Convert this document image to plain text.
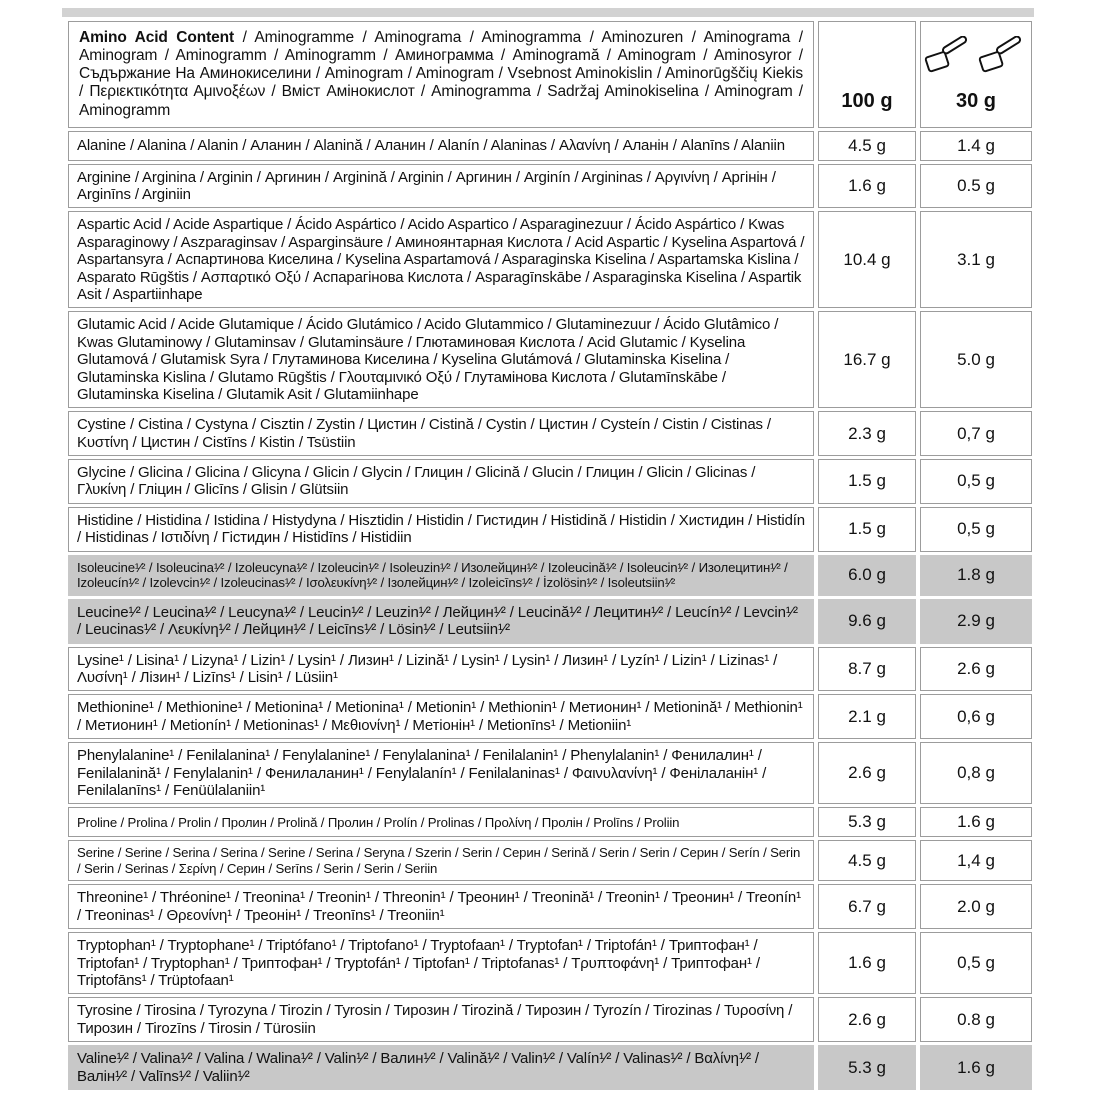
Amino Acid Content / Aminogramme / Aminograma / Aminogramma / Aminozuren / Aminograma / Aminogram / Aminogramm / Aminogramm / Аминограмма / Aminogramă / Aminogram / Aminosyror / Съдържание На Аминокиселини / Aminogram / Aminogram / Vsebnost Aminokislin / Aminorūgščių Kiekis / Περιεκτικότητα Αμινοξέων / Вміст Амінокислот / Aminogramma / Sadržaj Aminokiselina / Aminogram / Aminogramm	100 g	30 g
Alanine / Alanina / Alanin / Аланин / Alanină / Аланин / Alanín / Alaninas / Αλανίνη / Аланін / Alanīns / Alaniin	4.5 g	1.4 g
Arginine / Arginina / Arginin / Аргинин / Arginină / Arginin / Аргинин / Arginín / Argininas / Αργινίνη / Аргінін / Arginīns / Arginiin	1.6 g	0.5 g
Aspartic Acid / Acide Aspartique / Ácido Aspártico / Acido Aspartico / Asparaginezuur / Ácido Aspártico / Kwas Asparaginowy / Aszparaginsav / Asparginsäure / Аминоянтарная Кислота / Acid Aspartic / Kyselina Aspartová / Aspartansyra / Аспартинова Киселина / Kyselina Aspartamová / Asparaginska Kiselina / Aspartamska Kislina / Asparato Rūgštis / Ασπαρτικό Οξύ / Аспарагінова Кислота / Asparagīnskābe / Asparaginska Kiselina / Aspartik Asit / Aspartiinhape	10.4 g	3.1 g
Glutamic Acid / Acide Glutamique / Ácido Glutámico / Acido Glutammico / Glutaminezuur / Ácido Glutâmico / Kwas Glutaminowy / Glutaminsav / Glutaminsäure / Глютаминовая Кислота / Acid Glutamic / Kyselina Glutamová / Glutamisk Syra / Глутаминова Киселина / Kyselina Glutámová / Glutaminska Kiselina / Glutaminska Kislina / Glutamo Rūgštis / Γλουταμινικό Οξύ / Глутамінова Кислота / Glutamīnskābe / Glutaminska Kiselina / Glutamik Asit / Glutamiinhape	16.7 g	5.0 g
Cystine / Cistina / Cystyna / Cisztin / Zystin / Цистин / Cistină / Cystin / Цистин / Cysteín / Cistin / Cistinas / Κυστίνη / Цистин / Cistīns / Kistin / Tsüstiin	2.3 g	0,7 g
Glycine / Glicina / Glicina / Glicyna / Glicin / Glycin / Глицин / Glicină / Glucin / Глицин / Glicin / Glicinas / Γλυκίνη / Гліцин / Glicīns / Glisin / Glütsiin	1.5 g	0,5 g
Histidine / Histidina / Istidina / Histydyna / Hisztidin / Histidin / Гистидин / Histidină / Histidin / Хистидин / Histidín / Histidinas / Ιστιδίνη / Гістидин / Histidīns / Histidiin	1.5 g	0,5 g
Isoleucine¹⁄² / Isoleucina¹⁄² / Izoleucyna¹⁄² / Izoleucin¹⁄² / Isoleuzin¹⁄² / Изолейцин¹⁄² / Izoleucină¹⁄² / Isoleucin¹⁄² / Изолецитин¹⁄² / Izoleucín¹⁄² / Izolevcin¹⁄² / Izoleucinas¹⁄² / Ισολευκίνη¹⁄² / Ізолейцин¹⁄² / Izoleicīns¹⁄² / İzolösin¹⁄² / Isoleutsiin¹⁄²	6.0 g	1.8 g
Leucine¹⁄² / Leucina¹⁄² / Leucyna¹⁄² / Leucin¹⁄² / Leuzin¹⁄² / Лейцин¹⁄² / Leucină¹⁄² / Лецитин¹⁄² / Leucín¹⁄² / Levcin¹⁄² / Leucinas¹⁄² / Λευκίνη¹⁄² / Лейцин¹⁄² / Leicīns¹⁄² / Lösin¹⁄² / Leutsiin¹⁄²	9.6 g	2.9 g
Lysine¹ / Lisina¹ / Lizyna¹ / Lizin¹ / Lysin¹ / Лизин¹ / Lizină¹ / Lysin¹ / Lysin¹ / Лизин¹ / Lyzín¹ / Lizin¹ / Lizinas¹ / Λυσίνη¹ / Лізин¹ / Lizīns¹ / Lisin¹ / Lüsiin¹	8.7 g	2.6 g
Methionine¹ / Methionine¹ / Metionina¹ / Metionina¹ / Metionin¹ / Methionin¹ / Метионин¹ / Metionină¹ / Methionin¹ / Метионин¹ / Metionín¹ / Metioninas¹ / Μεθιονίνη¹ / Метіонін¹ / Metionīns¹ / Metioniin¹	2.1 g	0,6 g
Phenylalanine¹ / Fenilalanina¹ / Fenylalanine¹ / Fenylalanina¹ / Fenilalanin¹ / Phenylalanin¹ / Фенилалин¹ / Fenilalanină¹ / Fenylalanin¹ / Фенилаланин¹ / Fenylalanín¹ / Fenilalaninas¹ / Φαινυλανίνη¹ / Фенілаланін¹ / Fenilalanīns¹ / Fenüülalaniin¹	2.6 g	0,8 g
Proline / Prolina / Prolin / Пролин / Prolină / Пролин / Prolín / Prolinas / Προλίνη / Пролін / Prolīns / Proliin	5.3 g	1.6 g
Serine / Serine / Serina / Serina / Serine / Serina / Seryna / Szerin / Serin / Серин / Serină / Serin / Serin / Серин / Serín / Serin / Serin / Serinas / Σερίνη / Серин / Serīns / Serin / Serin / Seriin	4.5 g	1,4 g
Threonine¹ / Thréonine¹ / Treonina¹ / Treonin¹ / Threonin¹ / Треонин¹ / Treonină¹ / Treonin¹ / Треонин¹ / Treonín¹ / Treoninas¹ / Θρεονίνη¹ / Треонін¹ / Treonīns¹ / Treoniin¹	6.7 g	2.0 g
Tryptophan¹ / Tryptophane¹ / Triptófano¹ / Triptofano¹ / Tryptofaan¹ / Tryptofan¹ / Triptofán¹ / Триптофан¹ / Triptofan¹ / Tryptophan¹ / Триптофан¹ / Tryptofán¹ / Tiptofan¹ / Triptofanas¹ / Τρυπτοφάνη¹ / Триптофан¹ / Triptofāns¹ / Trüptofaan¹	1.6 g	0,5 g
Tyrosine / Tirosina / Tyrozyna / Tirozin / Tyrosin / Тирозин / Tirozină / Тирозин / Tyrozín / Tirozinas / Τυροσίνη / Тирозин / Tirozīns / Tirosin / Türosiin	2.6 g	0.8 g
Valine¹⁄² / Valina¹⁄² / Valina / Walina¹⁄² / Valin¹⁄² / Валин¹⁄² / Valină¹⁄² / Valin¹⁄² / Valín¹⁄² / Valinas¹⁄² / Βαλίνη¹⁄² / Валін¹⁄² / Valīns¹⁄² / Valiin¹⁄²	5.3 g	1.6 g
